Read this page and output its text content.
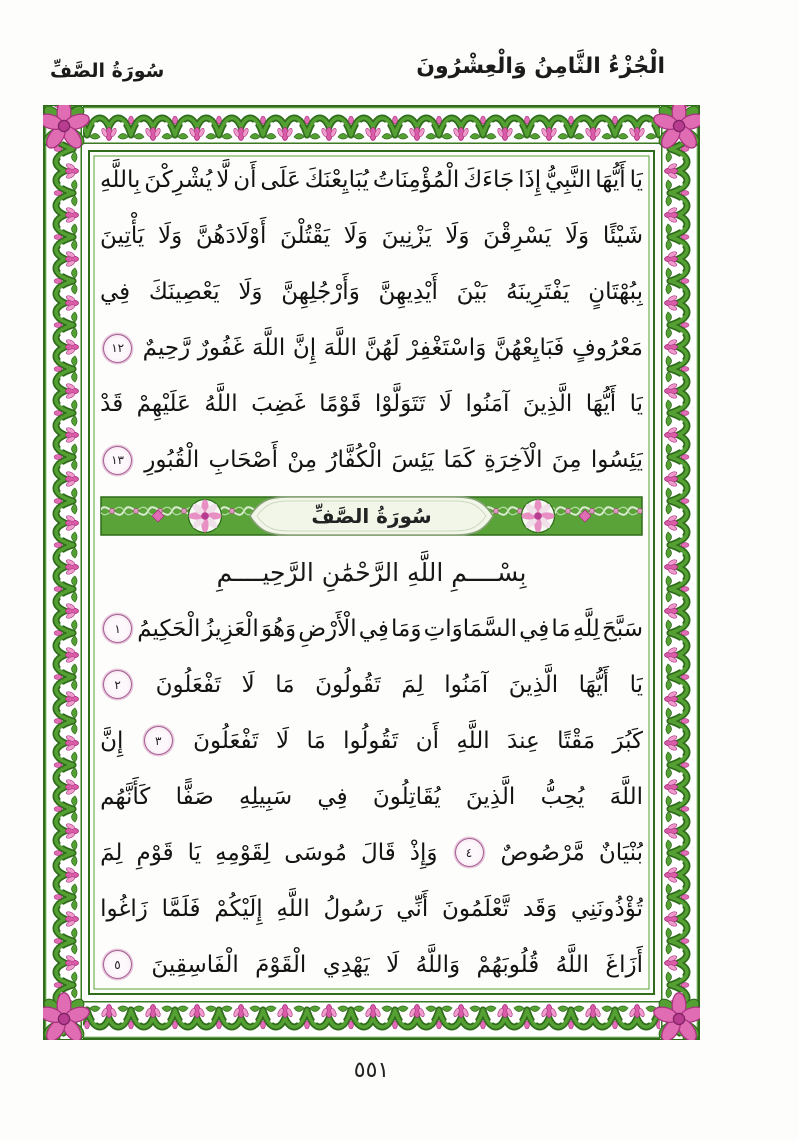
الْجُزْءُ الثَّامِنُ وَالْعِشْرُونَ
سُورَةُ الصَّفِّ
يَا
أَيُّهَا
النَّبِيُّ
إِذَا
جَاءَكَ
الْمُؤْمِنَاتُ
يُبَايِعْنَكَ
عَلَى
أَن
لَّا
يُشْرِكْنَ
بِاللَّهِ
شَيْئًا
وَلَا
يَسْرِقْنَ
وَلَا
يَزْنِينَ
وَلَا
يَقْتُلْنَ
أَوْلَادَهُنَّ
وَلَا
يَأْتِينَ
بِبُهْتَانٍ
يَفْتَرِينَهُ
بَيْنَ
أَيْدِيهِنَّ
وَأَرْجُلِهِنَّ
وَلَا
يَعْصِينَكَ
فِي
مَعْرُوفٍ
فَبَايِعْهُنَّ
وَاسْتَغْفِرْ
لَهُنَّ
اللَّهَ
إِنَّ
اللَّهَ
غَفُورٌ
رَّحِيمٌ
١٢
يَا
أَيُّهَا
الَّذِينَ
آمَنُوا
لَا
تَتَوَلَّوْا
قَوْمًا
غَضِبَ
اللَّهُ
عَلَيْهِمْ
قَدْ
يَئِسُوا
مِنَ
الْآخِرَةِ
كَمَا
يَئِسَ
الْكُفَّارُ
مِنْ
أَصْحَابِ
الْقُبُورِ
١٣
سُورَةُ الصَّفِّ
بِسْــــمِ اللَّهِ الرَّحْمَٰنِ الرَّحِيــــمِ
سَبَّحَ
لِلَّهِ
مَا
فِي
السَّمَاوَاتِ
وَمَا
فِي
الْأَرْضِ
وَهُوَ
الْعَزِيزُ
الْحَكِيمُ
١
يَا
أَيُّهَا
الَّذِينَ
آمَنُوا
لِمَ
تَقُولُونَ
مَا
لَا
تَفْعَلُونَ
٢
كَبُرَ
مَقْتًا
عِندَ
اللَّهِ
أَن
تَقُولُوا
مَا
لَا
تَفْعَلُونَ
٣
إِنَّ
اللَّهَ
يُحِبُّ
الَّذِينَ
يُقَاتِلُونَ
فِي
سَبِيلِهِ
صَفًّا
كَأَنَّهُم
بُنْيَانٌ
مَّرْصُوصٌ
٤
وَإِذْ
قَالَ
مُوسَى
لِقَوْمِهِ
يَا
قَوْمِ
لِمَ
تُؤْذُونَنِي
وَقَد
تَّعْلَمُونَ
أَنِّي
رَسُولُ
اللَّهِ
إِلَيْكُمْ
فَلَمَّا
زَاغُوا
أَزَاغَ
اللَّهُ
قُلُوبَهُمْ
وَاللَّهُ
لَا
يَهْدِي
الْقَوْمَ
الْفَاسِقِينَ
٥
٥٥١
